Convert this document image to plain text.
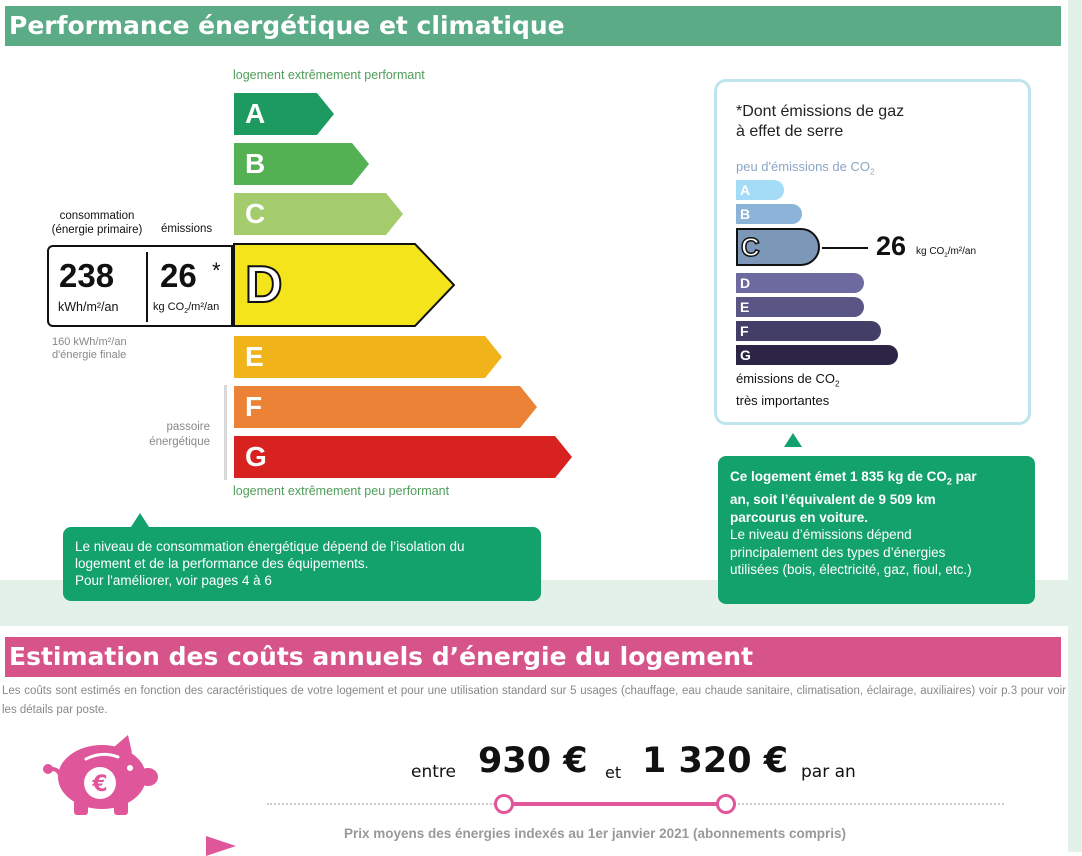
Performance énergétique et climatique
logement extrêmement performant
A
B
C
D
E
F
G
logement extrêmement peu performant
consommation
(énergie primaire)	émissions
238
kWh/m²/an
26 *
kg $CO_2/m^2/an$
160 kWh/m²/an
d'énergie finale
passoire
énergétique
Le niveau de consommation énergétique dépend de l’isolation du
logement et de la performance des équipements.
Pour l'améliorer, voir pages 4 à 6
*Dont émissions de gaz
à effet de serre
peu d'émissions de $CO_2$
A
B
C
D
E
F
G
26 kg $CO_2/m^2/an$
émissions de $CO_2$
très importantes
Ce logement émet 1 835 kg de $CO_2$ par
an, soit l’équivalent de 9 509 km
parcourus en voiture.
Le niveau d’émissions dépend
principalement des types d’énergies
utilisées (bois, électricité, gaz, fioul, etc.)
Estimation des coûts annuels d’énergie du logement
Les coûts sont estimés en fonction des caractéristiques de votre logement et pour une utilisation standard sur 5 usages (chauffage, eau chaude sanitaire, climatisation, éclairage, auxiliaires) voir p.3 pour voir les détails par poste.
€	entre 930 € et 1 320 € par an
Prix moyens des énergies indexés au 1er janvier 2021 (abonnements compris)
